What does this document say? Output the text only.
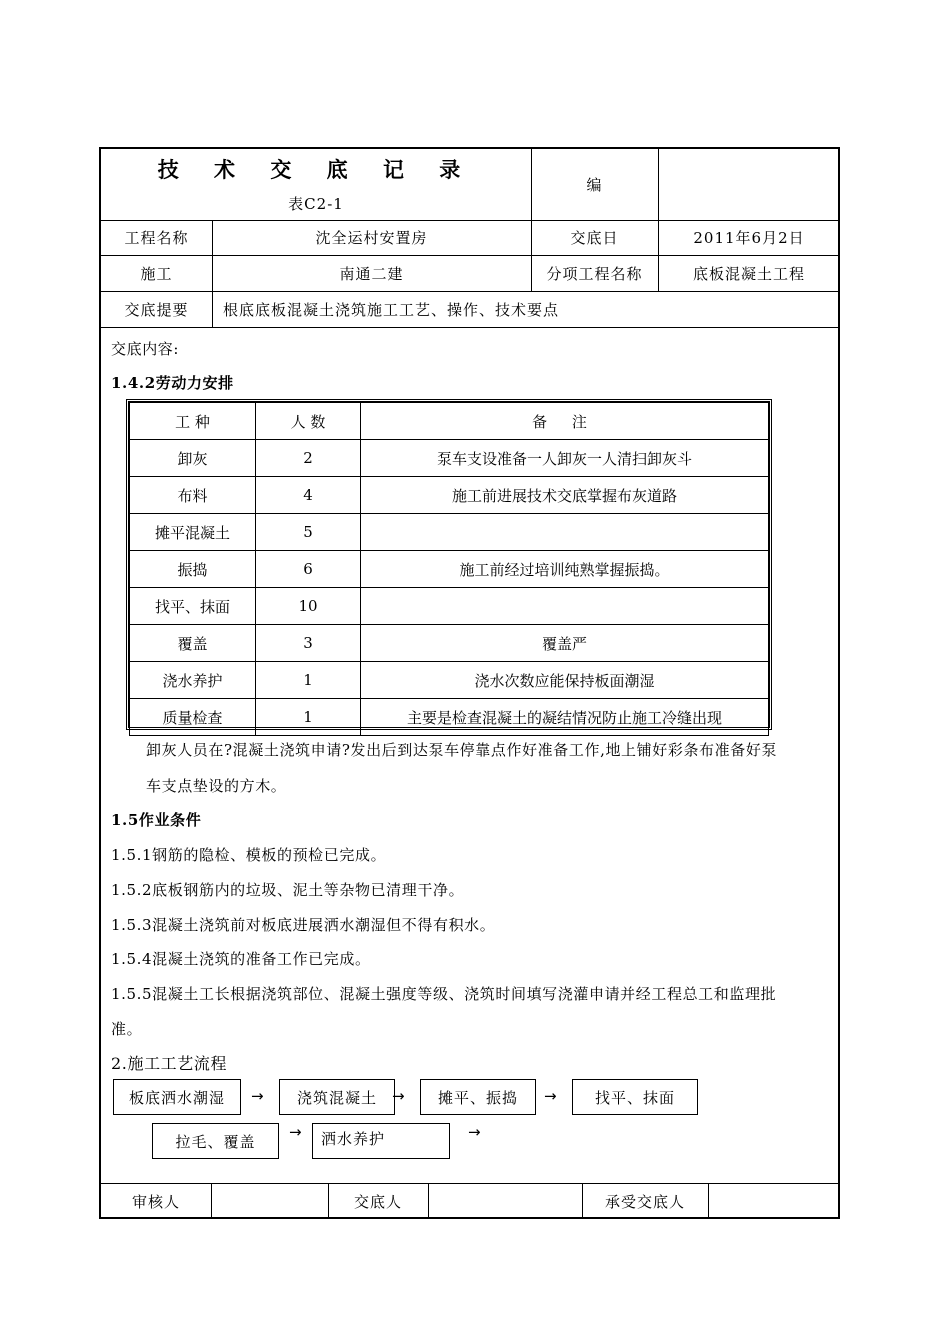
技 术 交 底 记 录
表C2-1
编
工程名称	沈全运村安置房	交底日	2011年6月2日
施工	南通二建	分项工程名称	底板混凝土工程
交底提要	根底底板混凝土浇筑施工工艺、操作、技术要点
交底内容:
1.4.2劳动力安排
工 种	人 数	备 注
卸灰	2	泵车支设准备一人卸灰一人清扫卸灰斗
布料	4	施工前进展技术交底掌握布灰道路
摊平混凝土	5	
振捣	6	施工前经过培训纯熟掌握振捣。
找平、抹面	10	
覆盖	3	覆盖严
浇水养护	1	浇水次数应能保持板面潮湿
质量检查	1	主要是检查混凝土的凝结情况防止施工冷缝出现
卸灰人员在?混凝土浇筑申请?发出后到达泵车停靠点作好准备工作,地上铺好彩条布准备好泵
车支点垫设的方木。
1.5作业条件
1.5.1钢筋的隐检、模板的预检已完成。
1.5.2底板钢筋内的垃圾、泥土等杂物已清理干净。
1.5.3混凝土浇筑前对板底进展洒水潮湿但不得有积水。
1.5.4混凝土浇筑的准备工作已完成。
1.5.5混凝土工长根据浇筑部位、混凝土强度等级、浇筑时间填写浇灌申请并经工程总工和监理批
准。
2.施工工艺流程
板底洒水潮湿	→	浇筑混凝土	→	摊平、振捣	→	找平、抹面
拉毛、覆盖
→	洒水养护	→
审核人	交底人	承受交底人
